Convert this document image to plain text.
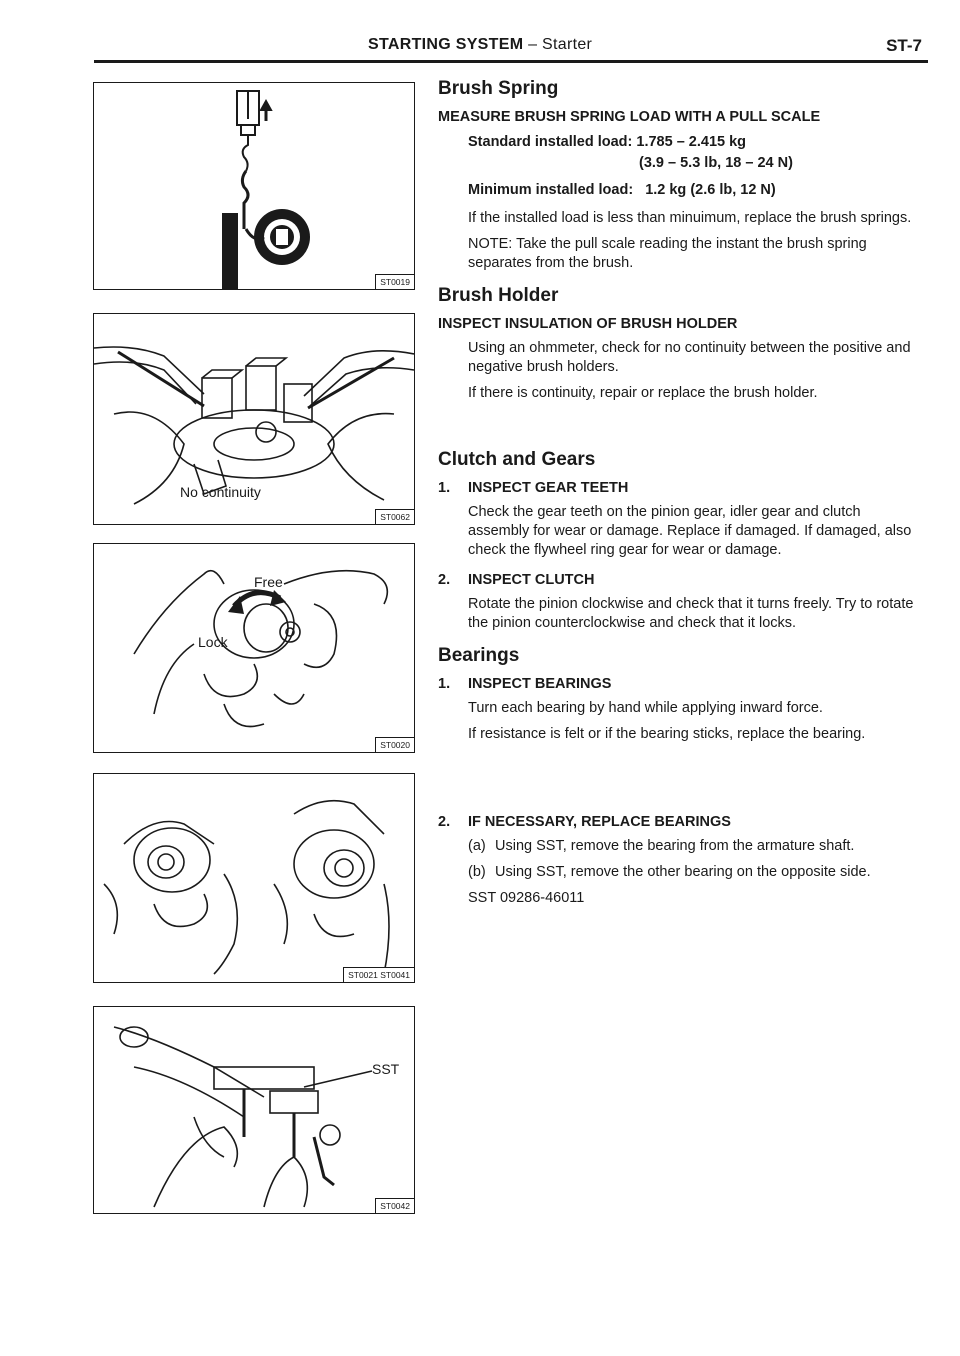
STARTING SYSTEM – Starter	ST-7
ST0019
No continuity
ST0062
Free
Lock
ST0020
ST0021 ST0041
SST
ST0042
Brush Spring
MEASURE BRUSH SPRING LOAD WITH A PULL SCALE
Standard installed load: 1.785 – 2.415 kg
(3.9 – 5.3 lb, 18 – 24 N)
Minimum installed load: 1.2 kg (2.6 lb, 12 N)
If the installed load is less than minuimum, replace the brush springs.
NOTE: Take the pull scale reading the instant the brush spring separates from the brush.
Brush Holder
INSPECT INSULATION OF BRUSH HOLDER
Using an ohmmeter, check for no continuity between the positive and negative brush holders.
If there is continuity, repair or replace the brush holder.
Clutch and Gears
1.	INSPECT GEAR TEETH
Check the gear teeth on the pinion gear, idler gear and clutch assembly for wear or damage. Replace if damaged. If damaged, also check the flywheel ring gear for wear or damage.
2.	INSPECT CLUTCH
Rotate the pinion clockwise and check that it turns freely. Try to rotate the pinion counterclockwise and check that it locks.
Bearings
1.	INSPECT BEARINGS
Turn each bearing by hand while applying inward force.
If resistance is felt or if the bearing sticks, replace the bearing.
2.	IF NECESSARY, REPLACE BEARINGS
(a) Using SST, remove the bearing from the armature shaft.
(b) Using SST, remove the other bearing on the opposite side.
SST 09286-46011
